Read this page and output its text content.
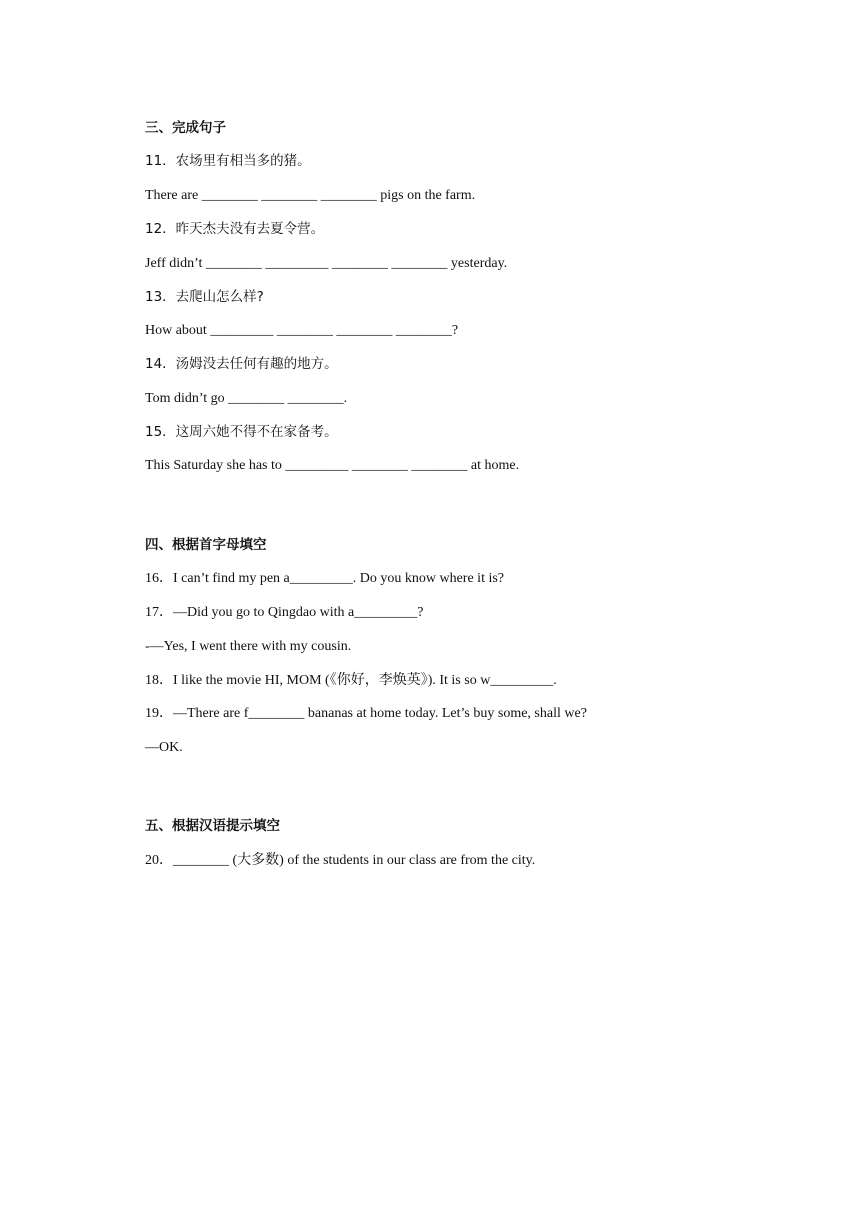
三、完成句子
11．农场里有相当多的猪。
There are ________ ________ ________ pigs on the farm.
12．昨天杰夫没有去夏令营。
Jeff didn’t ________ _________ ________ ________ yesterday.
13．去爬山怎么样?
How about _________ ________ ________ ________?
14．汤姆没去任何有趣的地方。
Tom didn’t go ________ ________.
15．这周六她不得不在家备考。
This Saturday she has to _________ ________ ________ at home.
四、根据首字母填空
16．I can’t find my pen a_________. Do you know where it is?
17．—Did you go to Qingdao with a_________?
-—Yes, I went there with my cousin.
18．I like the movie HI, MOM (《你好，李焕英》). It is so w_________.
19．—There are f________ bananas at home today. Let’s buy some, shall we?
—OK.
五、根据汉语提示填空
20．________ (大多数) of the students in our class are from the city.
